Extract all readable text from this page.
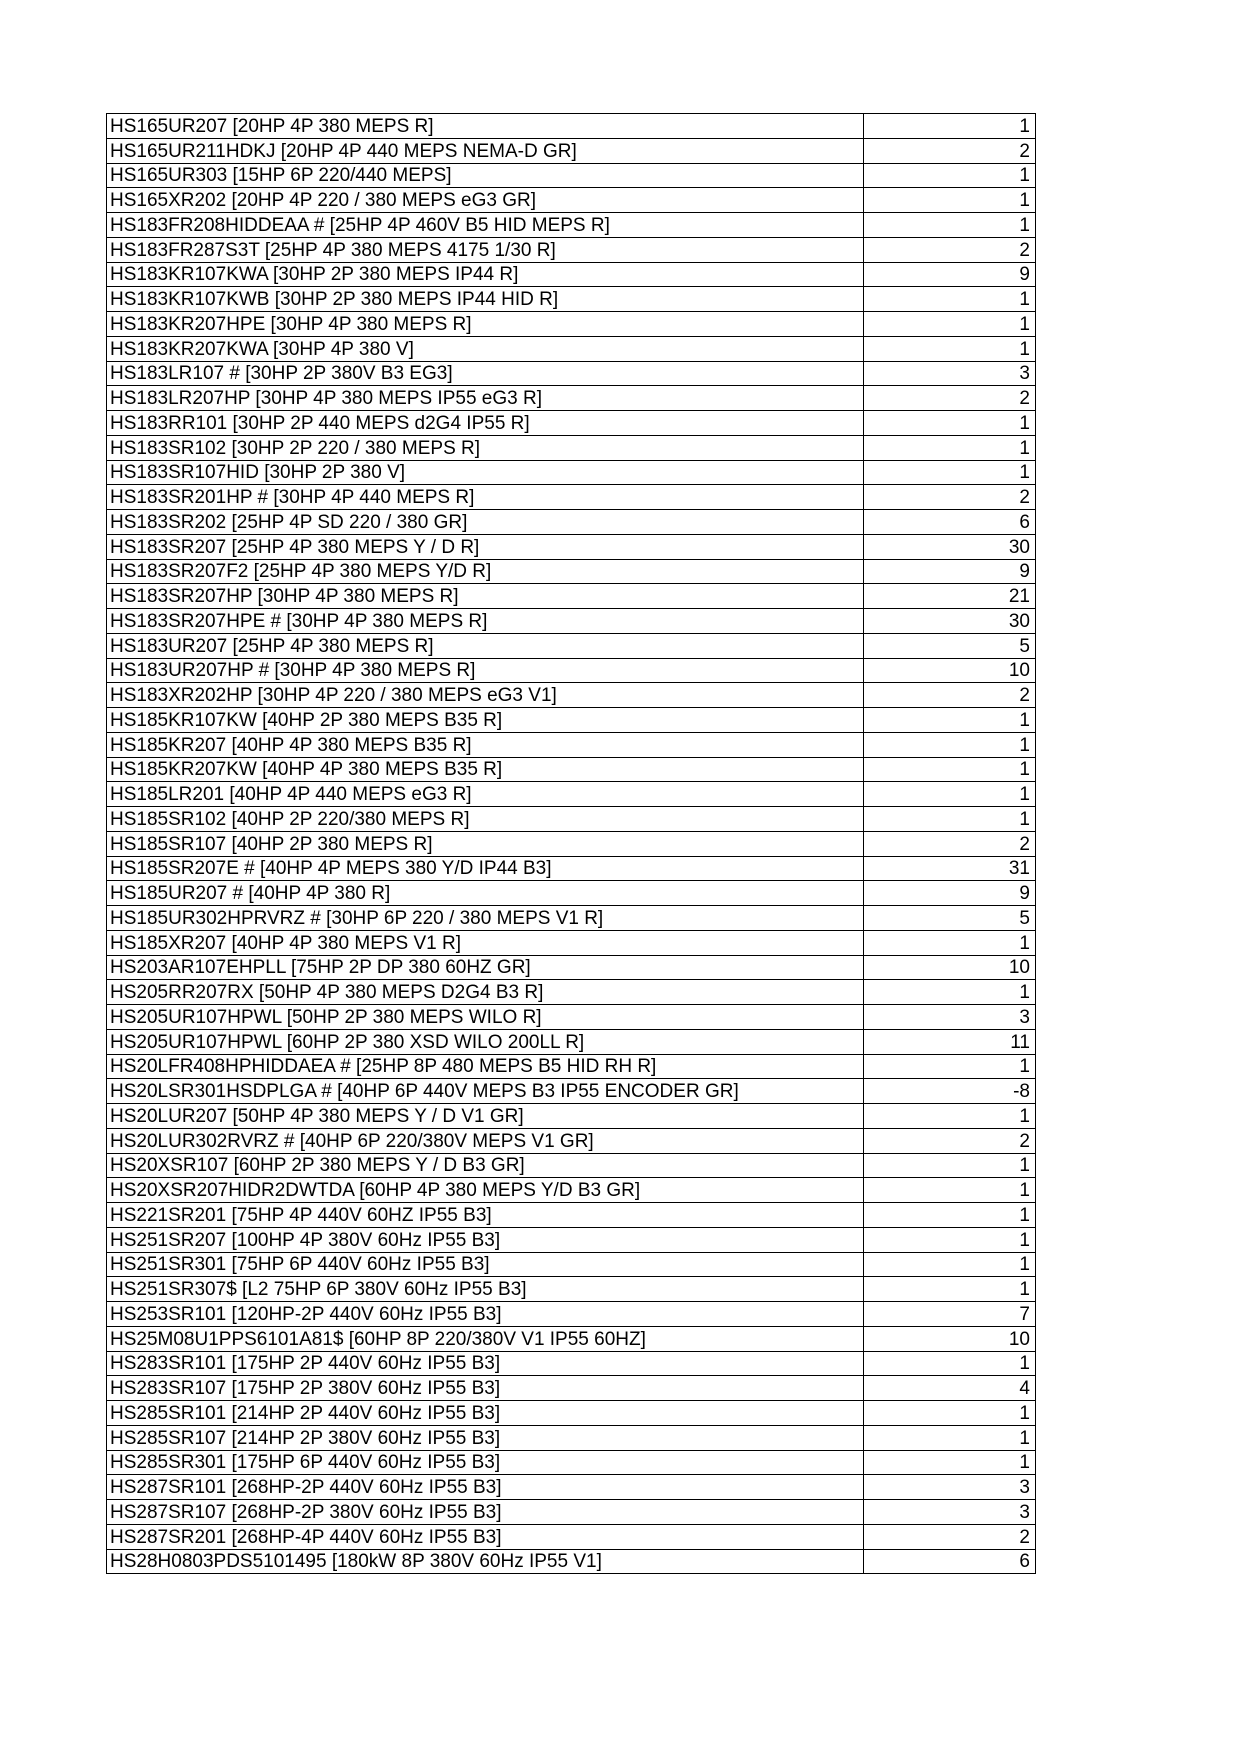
HS165UR207 [20HP 4P 380 MEPS R]	1
HS165UR211HDKJ [20HP 4P 440 MEPS NEMA-D GR]	2
HS165UR303 [15HP 6P 220/440 MEPS]	1
HS165XR202 [20HP 4P 220 / 380 MEPS eG3 GR]	1
HS183FR208HIDDEAA # [25HP 4P 460V B5 HID MEPS R]	1
HS183FR287S3T [25HP 4P 380 MEPS 4175 1/30 R]	2
HS183KR107KWA [30HP 2P 380 MEPS IP44 R]	9
HS183KR107KWB [30HP 2P 380 MEPS IP44 HID R]	1
HS183KR207HPE [30HP 4P 380 MEPS R]	1
HS183KR207KWA [30HP 4P 380 V]	1
HS183LR107 # [30HP 2P 380V B3 EG3]	3
HS183LR207HP [30HP 4P 380 MEPS IP55 eG3 R]	2
HS183RR101 [30HP 2P 440 MEPS d2G4 IP55 R]	1
HS183SR102 [30HP 2P 220 / 380 MEPS R]	1
HS183SR107HID [30HP 2P 380 V]	1
HS183SR201HP # [30HP 4P 440 MEPS R]	2
HS183SR202 [25HP 4P SD 220 / 380 GR]	6
HS183SR207 [25HP 4P 380 MEPS Y / D R]	30
HS183SR207F2 [25HP 4P 380 MEPS Y/D R]	9
HS183SR207HP [30HP 4P 380 MEPS R]	21
HS183SR207HPE # [30HP 4P 380 MEPS R]	30
HS183UR207 [25HP 4P 380 MEPS R]	5
HS183UR207HP # [30HP 4P 380 MEPS R]	10
HS183XR202HP [30HP 4P 220 / 380 MEPS eG3 V1]	2
HS185KR107KW [40HP 2P 380 MEPS B35 R]	1
HS185KR207 [40HP 4P 380 MEPS B35 R]	1
HS185KR207KW [40HP 4P 380 MEPS B35 R]	1
HS185LR201 [40HP 4P 440 MEPS eG3 R]	1
HS185SR102 [40HP 2P 220/380 MEPS R]	1
HS185SR107 [40HP 2P 380 MEPS R]	2
HS185SR207E # [40HP 4P MEPS 380 Y/D IP44 B3]	31
HS185UR207 # [40HP 4P 380 R]	9
HS185UR302HPRVRZ # [30HP 6P 220 / 380 MEPS V1 R]	5
HS185XR207 [40HP 4P 380 MEPS V1 R]	1
HS203AR107EHPLL [75HP 2P DP 380 60HZ GR]	10
HS205RR207RX [50HP 4P 380 MEPS D2G4 B3 R]	1
HS205UR107HPWL [50HP 2P 380 MEPS WILO R]	3
HS205UR107HPWL [60HP 2P 380 XSD WILO 200LL R]	11
HS20LFR408HPHIDDAEA # [25HP 8P 480 MEPS B5 HID RH R]	1
HS20LSR301HSDPLGA # [40HP 6P 440V MEPS B3 IP55 ENCODER GR]	-8
HS20LUR207 [50HP 4P 380 MEPS Y / D V1 GR]	1
HS20LUR302RVRZ # [40HP 6P 220/380V MEPS V1 GR]	2
HS20XSR107 [60HP 2P 380 MEPS Y / D B3 GR]	1
HS20XSR207HIDR2DWTDA [60HP 4P 380 MEPS Y/D B3 GR]	1
HS221SR201 [75HP 4P 440V 60HZ IP55 B3]	1
HS251SR207 [100HP 4P 380V 60Hz IP55 B3]	1
HS251SR301 [75HP 6P 440V 60Hz IP55 B3]	1
HS251SR307$ [L2 75HP 6P 380V 60Hz IP55 B3]	1
HS253SR101 [120HP-2P 440V 60Hz IP55 B3]	7
HS25M08U1PPS6101A81$ [60HP 8P 220/380V V1 IP55 60HZ]	10
HS283SR101 [175HP 2P 440V 60Hz IP55 B3]	1
HS283SR107 [175HP 2P 380V 60Hz IP55 B3]	4
HS285SR101 [214HP 2P 440V 60Hz IP55 B3]	1
HS285SR107 [214HP 2P 380V 60Hz IP55 B3]	1
HS285SR301 [175HP 6P 440V 60Hz IP55 B3]	1
HS287SR101 [268HP-2P 440V 60Hz IP55 B3]	3
HS287SR107 [268HP-2P 380V 60Hz IP55 B3]	3
HS287SR201 [268HP-4P 440V 60Hz IP55 B3]	2
HS28H0803PDS5101495 [180kW 8P 380V 60Hz IP55 V1]	6
